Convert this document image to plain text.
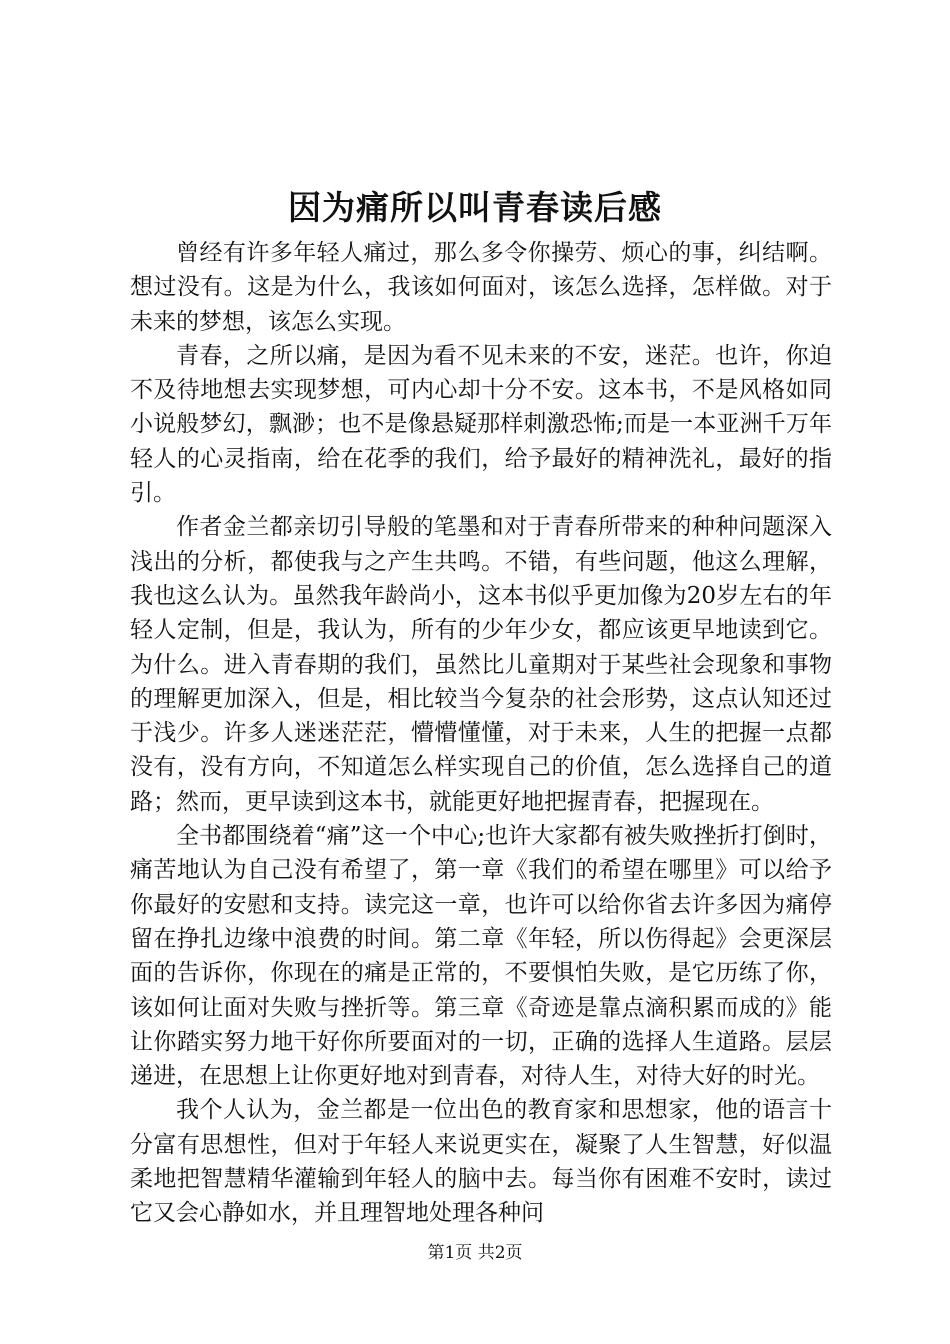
因为痛所以叫青春读后感

曾经有许多年轻人痛过，那么多令你操劳、烦心的事，纠结啊。想过没有。这是为什么，我该如何面对，该怎么选择，怎样做。对于未来的梦想，该怎么实现。

青春，之所以痛，是因为看不见未来的不安，迷茫。也许，你迫不及待地想去实现梦想，可内心却十分不安。这本书，不是风格如同小说般梦幻，飘渺；也不是像悬疑那样刺激恐怖;而是一本亚洲千万年轻人的心灵指南，给在花季的我们，给予最好的精神洗礼，最好的指引。

作者金兰都亲切引导般的笔墨和对于青春所带来的种种问题深入浅出的分析，都使我与之产生共鸣。不错，有些问题，他这么理解，我也这么认为。虽然我年龄尚小，这本书似乎更加像为20岁左右的年轻人定制，但是，我认为，所有的少年少女，都应该更早地读到它。为什么。进入青春期的我们，虽然比儿童期对于某些社会现象和事物的理解更加深入，但是，相比较当今复杂的社会形势，这点认知还过于浅少。许多人迷迷茫茫，懵懵懂懂，对于未来，人生的把握一点都没有，没有方向，不知道怎么样实现自己的价值，怎么选择自己的道路；然而，更早读到这本书，就能更好地把握青春，把握现在。

全书都围绕着“痛”这一个中心;也许大家都有被失败挫折打倒时，痛苦地认为自己没有希望了，第一章《我们的希望在哪里》可以给予你最好的安慰和支持。读完这一章，也许可以给你省去许多因为痛停留在挣扎边缘中浪费的时间。第二章《年轻，所以伤得起》会更深层面的告诉你，你现在的痛是正常的，不要惧怕失败，是它历练了你，该如何让面对失败与挫折等。第三章《奇迹是靠点滴积累而成的》能让你踏实努力地干好你所要面对的一切，正确的选择人生道路。层层递进，在思想上让你更好地对到青春，对待人生，对待大好的时光。

我个人认为，金兰都是一位出色的教育家和思想家，他的语言十分富有思想性，但对于年轻人来说更实在，凝聚了人生智慧，好似温柔地把智慧精华灌输到年轻人的脑中去。每当你有困难不安时，读过它又会心静如水，并且理智地处理各种问

第1页 共2页
